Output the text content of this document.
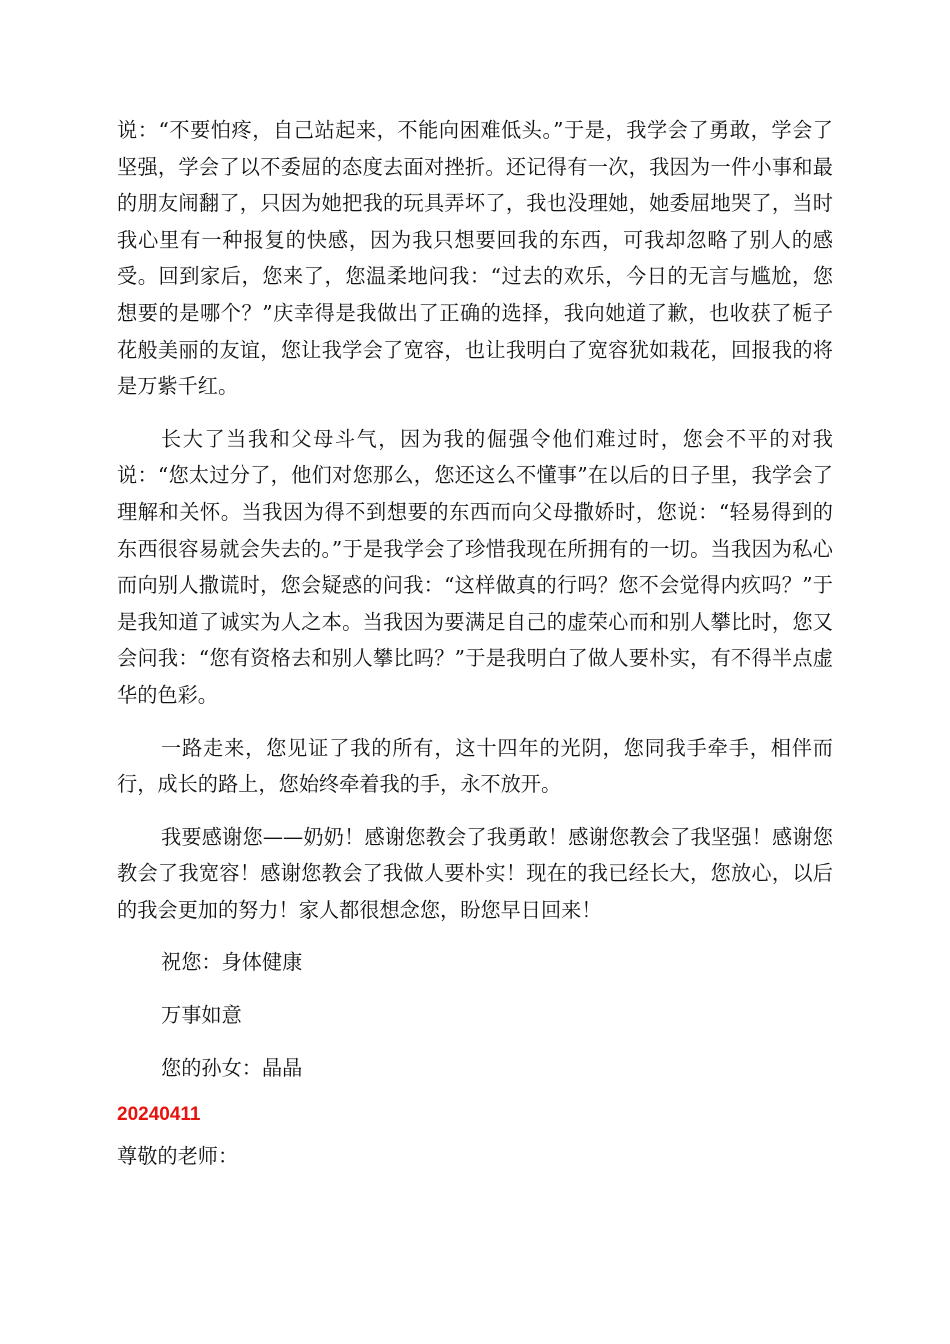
说：“不要怕疼，自己站起来，不能向困难低头。”于是，我学会了勇敢，学会了坚强，学会了以不委屈的态度去面对挫折。还记得有一次，我因为一件小事和最的朋友闹翻了，只因为她把我的玩具弄坏了，我也没理她，她委屈地哭了，当时我心里有一种报复的快感，因为我只想要回我的东西，可我却忽略了别人的感受。回到家后，您来了，您温柔地问我：“过去的欢乐，今日的无言与尴尬，您想要的是哪个？”庆幸得是我做出了正确的选择，我向她道了歉，也收获了栀子花般美丽的友谊，您让我学会了宽容，也让我明白了宽容犹如栽花，回报我的将是万紫千红。

长大了当我和父母斗气，因为我的倔强令他们难过时，您会不平的对我说：“您太过分了，他们对您那么，您还这么不懂事”在以后的日子里，我学会了理解和关怀。当我因为得不到想要的东西而向父母撒娇时，您说：“轻易得到的东西很容易就会失去的。”于是我学会了珍惜我现在所拥有的一切。当我因为私心而向别人撒谎时，您会疑惑的问我：“这样做真的行吗？您不会觉得内疚吗？”于是我知道了诚实为人之本。当我因为要满足自己的虚荣心而和别人攀比时，您又会问我：“您有资格去和别人攀比吗？”于是我明白了做人要朴实，有不得半点虚华的色彩。

一路走来，您见证了我的所有，这十四年的光阴，您同我手牵手，相伴而行，成长的路上，您始终牵着我的手，永不放开。

我要感谢您——奶奶！感谢您教会了我勇敢！感谢您教会了我坚强！感谢您教会了我宽容！感谢您教会了我做人要朴实！现在的我已经长大，您放心，以后的我会更加的努力！家人都很想念您，盼您早日回来！

祝您：身体健康

万事如意

您的孙女：晶晶

20240411

尊敬的老师：
